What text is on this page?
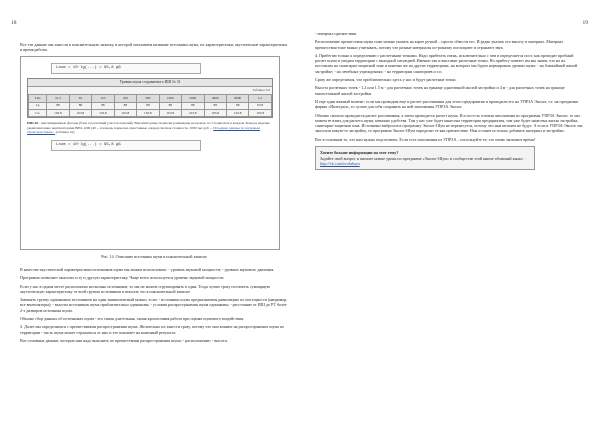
18

Все эти данные мы занесли в пояснительную записку, в которой описываем название источника шума, их характеристики, акустические характеристики и время работы.

Lэкв = 10·lg(...) = 95,8 дБ
Уровни шума создаваемого ИШ № 31
Таблица 3.0
Тип	31,5	63	125	250	500	1000	2000	4000	8000	La
Lp	88	88	88	88	88	88	88	88	88	95.8
Lw	103.8	103.8	103.8	103.8	103.8	103.8	103.8	103.8	103.8	103.8
ИШ-03 - вентиляционные фасады (блок 2 расчетный участок изделий). Вентиляторные подвески размещены на кровле, по 5 подвесках в каждом. Каждое изделие укомплектовано вентиляторами ВРО-1200 (40 ... площадь подвески, приставные опоры) сметная стоимость: 1000 тыс.руб ... Исходные данные по шумовым характеристикам... (таблица 10)
Lэкв = 10·lg(...) = 95,8 дБ
Рис. 14. Описание источника шума в пояснительной записке

В качестве акустической характеристики источников шума мы можем использовать: - уровень звуковой мощности; - уровень звукового давления.

Программа позволяет заносить и ту и другую характеристику. Чаще всего используется уровень звуковой мощности.

Если у нас в одном месте расположено несколько источников, то мы их можем сгруппировать в один. Тогда лучше сразу посчитать суммарную акустическую характеристику от всей группы источников и вписать это в пояснительной записке.

Заменять группу одинаковых источников на один эквивалентный можно, если: - источники шума предназначены равномерно по могущности (например, все вентиляторы); - высоты источников шума приблизительно одинаковы; - условия распространения шума одинаковы; - расстояние от ИШ до РТ более 2-х размеров источника шума.

Обычно сбор данных об источниках шума - это самая длительная, самая кропотливая работа при оценке шумового воздействия.

3. Далее мы определяемся с препятствиями распространения шума. Желательно их занести сразу, потому что они влияют на распространение шума по территории - часть шума может отражаться от них и это повлияет на конечный результат.

Вот основные данные, которые нам надо выяснить по препятствиям распространения шума: - расположение; - высота;

19

- материал препятствия.

Расположение препятствия шума тоже можно указать на карте ручкой – просто обвести его. И редко указать его высоту и материал. Материал препятствия тоже важно учитывать, потому что разные материалы по-разному поглощают и отражают звук.

4. Прибегаю только к определению с расчетными точками. Надо прибегать очень, исключительно с чем в определяется пост, как проводит пробный расчет шума и уводим территории с выходной ситуацией. Именно так и выставит расчетные точки. Но прибегу повезет им мы знаем, что на их поставлен на санитарно-защитной зоне и конечно же на других территориях, на которых мы будем нормировать уровни шума: - на ближайшей жилой застройке; - на лечебных учреждениях; - на территории санаториев и т.п.

Сразу же определимся, что приблизительно здесь у нас и будут расчетные точки.

Высота расчетных точек - 1.2 или 1.5 м - для расчетных точек на границе однотипной жилой застройки и 4 м - для расчетных точек на границе многоэтажной жилой застройки.

И еще один важный момент: если мы проводим еще и расчет рассеивания для этого предприятия и проводили его на УПРЗА Эколог, т.е. на программе фирмы «Интеграл», то лучше для себя сохранить на ней заполнения УПРЗА Эколог.

Обычно сначала проводится расчет рассеивания, а затем проводится расчет шума. И если есть готовая заполнения из программы УПРЗА Эколог, то мы можем ее взять для расчета шума, неважно удобства. Там у нас уже будет нанесена территория предприятия, там уже будет нанесена жилая застройка, санитарно-защитная зона. Источники выбросов в программу Эколог-Шум не перенесутся, потому что нам незачем не будут. А если в УПРЗА-Эколог мы заносили какую-то застройку, то программа Эколог-Шум определит ее как препятствие. Нам останется только добавить материал и застройки.

Вот в основном то, что нам нужно подготовить. Если есть заполнения из УПРЗА – используйте ее, это очень экономит время!

Хотите больше информации на этот тему?
Задайте свой вопрос и пишите новые уроки по программе «Эколог-Шум» в сообществе этой книги-облачный канал:
http://vk.com/ecolubaya
